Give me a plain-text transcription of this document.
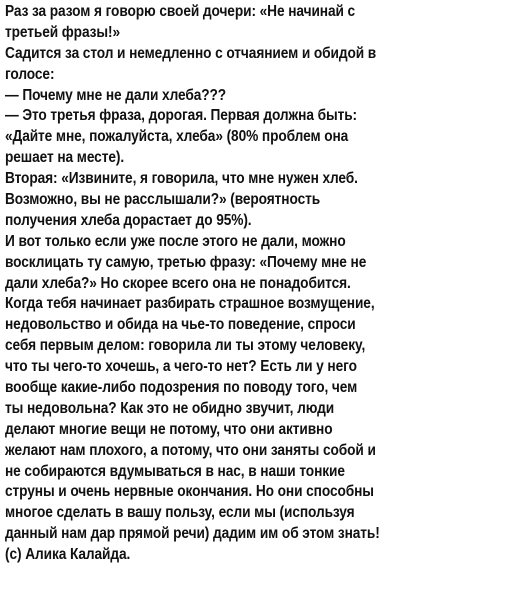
Раз за разом я говорю своей дочери: «Не начинай с
третьей фразы!»
Садится за стол и немедленно с отчаянием и обидой в
голосе:
— Почему мне не дали хлеба???
— Это третья фраза, дорогая. Первая должна быть:
«Дайте мне, пожалуйста, хлеба» (80% проблем она
решает на месте).
Вторая: «Извините, я говорила, что мне нужен хлеб.
Возможно, вы не расслышали?» (вероятность
получения хлеба дорастает до 95%).
И вот только если уже после этого не дали, можно
восклицать ту самую, третью фразу: «Почему мне не
дали хлеба?» Но скорее всего она не понадобится.
Когда тебя начинает разбирать страшное возмущение,
недовольство и обида на чье-то поведение, спроси
себя первым делом: говорила ли ты этому человеку,
что ты чего-то хочешь, а чего-то нет? Есть ли у него
вообще какие-либо подозрения по поводу того, чем
ты недовольна? Как это не обидно звучит, люди
делают многие вещи не потому, что они активно
желают нам плохого, а потому, что они заняты собой и
не собираются вдумываться в нас, в наши тонкие
струны и очень нервные окончания. Но они способны
многое сделать в вашу пользу, если мы (используя
данный нам дар прямой речи) дадим им об этом знать!
(с) Алика Калайда.
